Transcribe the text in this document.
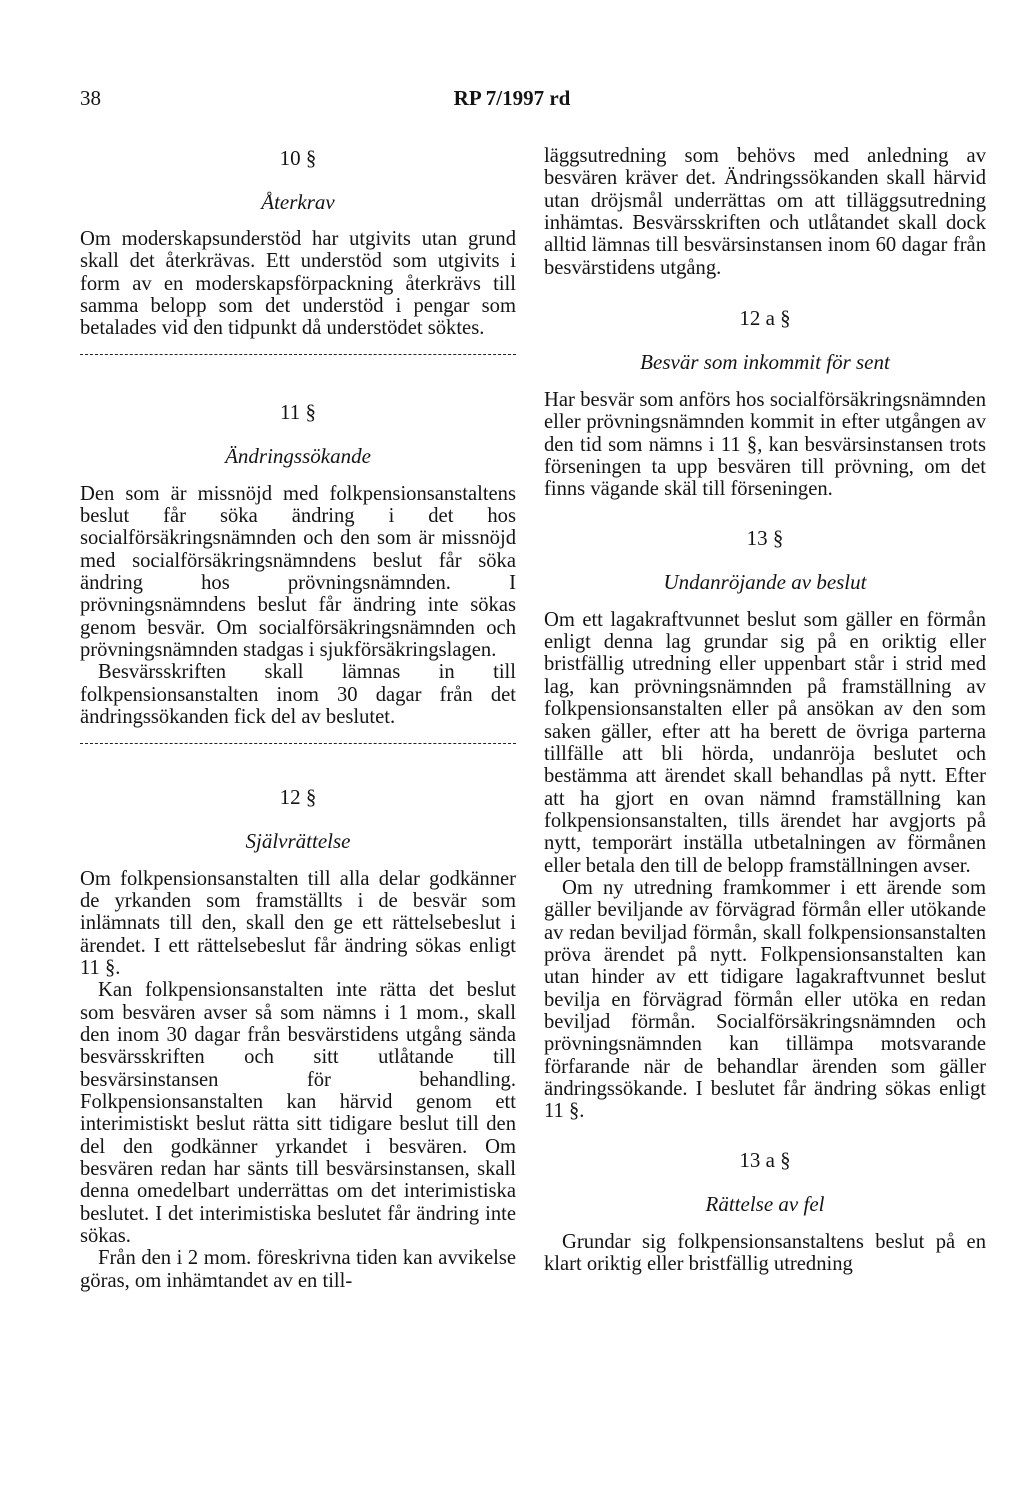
38	RP 7/1997 rd
10 §
Återkrav

Om moderskapsunderstöd har utgivits utan grund skall det återkrävas. Ett understöd som utgivits i form av en moderskapsförpackning återkrävs till samma belopp som det understöd i pengar som betalades vid den tidpunkt då understödet söktes.

11 §
Ändringssökande

Den som är missnöjd med folkpensionsanstaltens beslut får söka ändring i det hos socialförsäkringsnämnden och den som är missnöjd med socialförsäkringsnämndens beslut får söka ändring hos prövningsnämnden. I prövningsnämndens beslut får ändring inte sökas genom besvär. Om socialförsäkringsnämnden och prövningsnämnden stadgas i sjukförsäkringslagen.

Besvärsskriften skall lämnas in till folkpensionsanstalten inom 30 dagar från det ändringssökanden fick del av beslutet.

12 §
Självrättelse

Om folkpensionsanstalten till alla delar godkänner de yrkanden som framställts i de besvär som inlämnats till den, skall den ge ett rättelsebeslut i ärendet. I ett rättelsebeslut får ändring sökas enligt 11 §.

Kan folkpensionsanstalten inte rätta det beslut som besvären avser så som nämns i 1 mom., skall den inom 30 dagar från besvärstidens utgång sända besvärsskriften och sitt utlåtande till besvärsinstansen för behandling. Folkpensionsanstalten kan härvid genom ett interimistiskt beslut rätta sitt tidigare beslut till den del den godkänner yrkandet i besvären. Om besvären redan har sänts till besvärsinstansen, skall denna omedelbart underrättas om det interimistiska beslutet. I det interimistiska beslutet får ändring inte sökas.

Från den i 2 mom. föreskrivna tiden kan avvikelse göras, om inhämtandet av en till-

läggsutredning som behövs med anledning av besvären kräver det. Ändringssökanden skall härvid utan dröjsmål underrättas om att tilläggsutredning inhämtas. Besvärsskriften och utlåtandet skall dock alltid lämnas till besvärsinstansen inom 60 dagar från besvärstidens utgång.

12 a §
Besvär som inkommit för sent

Har besvär som anförs hos socialförsäkringsnämnden eller prövningsnämnden kommit in efter utgången av den tid som nämns i 11 §, kan besvärsinstansen trots förseningen ta upp besvären till prövning, om det finns vägande skäl till förseningen.

13 §
Undanröjande av beslut

Om ett lagakraftvunnet beslut som gäller en förmån enligt denna lag grundar sig på en oriktig eller bristfällig utredning eller uppenbart står i strid med lag, kan prövningsnämnden på framställning av folkpensionsanstalten eller på ansökan av den som saken gäller, efter att ha berett de övriga parterna tillfälle att bli hörda, undanröja beslutet och bestämma att ärendet skall behandlas på nytt. Efter att ha gjort en ovan nämnd framställning kan folkpensionsanstalten, tills ärendet har avgjorts på nytt, temporärt inställa utbetalningen av förmånen eller betala den till de belopp framställningen avser.

Om ny utredning framkommer i ett ärende som gäller beviljande av förvägrad förmån eller utökande av redan beviljad förmån, skall folkpensionsanstalten pröva ärendet på nytt. Folkpensionsanstalten kan utan hinder av ett tidigare lagakraftvunnet beslut bevilja en förvägrad förmån eller utöka en redan beviljad förmån. Socialförsäkringsnämnden och prövningsnämnden kan tillämpa motsvarande förfarande när de behandlar ärenden som gäller ändringssökande. I beslutet får ändring sökas enligt 11 §.

13 a §
Rättelse av fel

Grundar sig folkpensionsanstaltens beslut på en klart oriktig eller bristfällig utredning
